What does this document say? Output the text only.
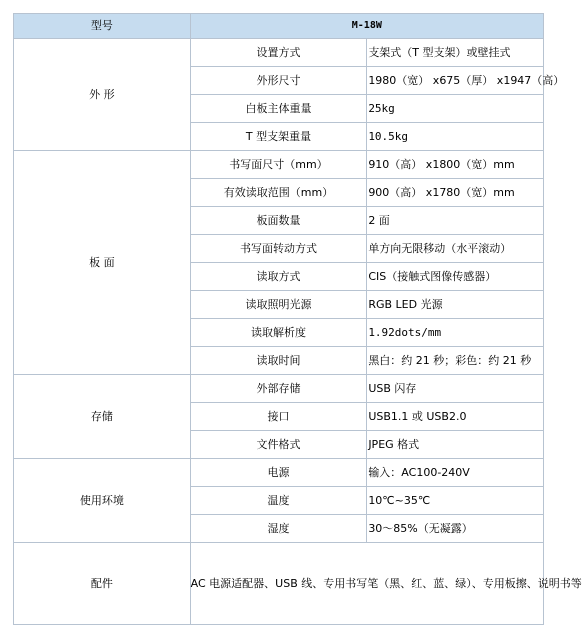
型号	M-18W	
外 形	设置方式	支架式（T 型支架）或壁挂式
	外形尺寸	1980（宽） x675（厚） x1947（高）
	白板主体重量	25kg
	T 型支架重量	10.5kg
板 面	书写面尺寸（mm）	910（高） x1800（宽）mm
	有效读取范围（mm）	900（高） x1780（宽）mm
	板面数量	2 面
	书写面转动方式	单方向无限移动（水平滚动）
	读取方式	CIS（接触式图像传感器）
	读取照明光源	RGB LED 光源
	读取解析度	1.92dots/mm
	读取时间	黑白：约 21 秒；彩色：约 21 秒
存储	外部存储	USB 闪存
	接口	USB1.1 或 USB2.0
	文件格式	JPEG 格式
使用环境	电源	输入：AC100-240V
	温度	10℃~35℃
	湿度	30～85%（无凝露）
配件	AC 电源适配器、USB 线、专用书写笔（黑、红、蓝、绿）、专用板擦、说明书等	
